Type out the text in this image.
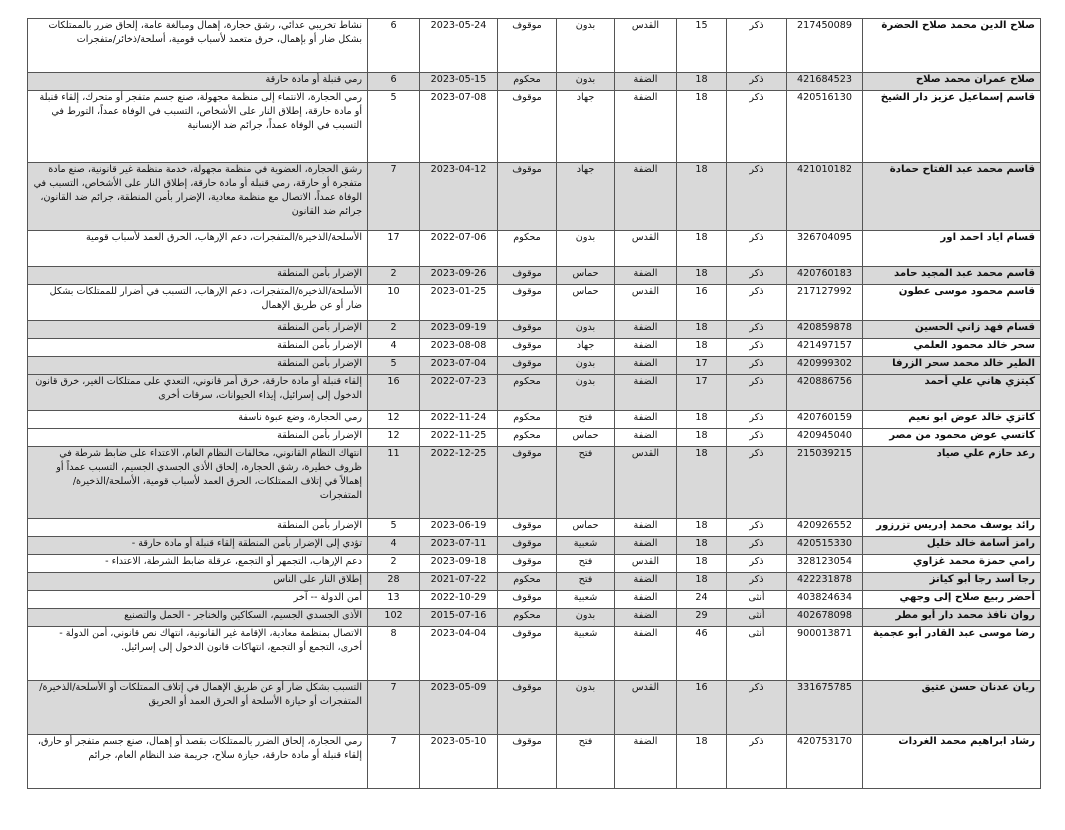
صلاح الدين محمد صلاح الحضرة	217450089	ذكر	15	القدس	بدون	موقوف	2023-05-24	6	نشاط تخريبي عدائي، رشق حجارة، إهمال ومبالغة عامة، إلحاق ضرر بالممتلكات بشكل ضار أو بإهمال، حرق متعمد لأسباب قومية، أسلحة/ذخائر/متفجرات
صلاح عمران محمد صلاح	421684523	ذكر	18	الضفة	بدون	محكوم	2023-05-15	6	رمي قنبلة أو مادة حارقة
قاسم إسماعيل عزيز دار الشيخ	420516130	ذكر	18	الضفة	جهاد	موقوف	2023-07-08	5	رمي الحجارة، الانتماء إلى منظمة مجهولة، صنع جسم متفجر أو متحرك، إلقاء قنبلة أو مادة حارقة، إطلاق النار على الأشخاص، التسبب في الوفاة عمداً، التورط في التسبب في الوفاة عمداً، جرائم ضد الإنسانية
قاسم محمد عبد الفتاح حمادة	421010182	ذكر	18	الضفة	جهاد	موقوف	2023-04-12	7	رشق الحجارة، العضوية في منظمة مجهولة، خدمة منظمة غير قانونية، صنع مادة متفجرة أو حارقة، رمي قنبلة أو مادة حارقة، إطلاق النار على الأشخاص، التسبب في الوفاة عمداً، الاتصال مع منظمة معادية، الإضرار بأمن المنطقة، جرائم ضد القانون، جرائم ضد القانون
قسام اياد احمد اور	326704095	ذكر	18	القدس	بدون	محكوم	2022-07-06	17	الأسلحة/الذخيرة/المتفجرات، دعم الإرهاب، الحرق العمد لأسباب قومية
قاسم محمد عبد المجيد حامد	420760183	ذكر	18	الضفة	حماس	موقوف	2023-09-26	2	الإضرار بأمن المنطقة
قاسم محمود موسى عطون	217127992	ذكر	16	القدس	حماس	موقوف	2023-01-25	10	الأسلحة/الذخيرة/المتفجرات، دعم الإرهاب، التسبب في أضرار للممتلكات بشكل ضار أو عن طريق الإهمال
قسام فهد زاني الحسين	420859878	ذكر	18	الضفة	بدون	موقوف	2023-09-19	2	الإضرار بأمن المنطقة
سحر خالد محمود العلمي	421497157	ذكر	18	الضفة	جهاد	موقوف	2023-08-08	4	الإضرار بأمن المنطقة
الطير خالد محمد سحر الزرفا	420999302	ذكر	17	الضفة	بدون	موقوف	2023-07-04	5	الإضرار بأمن المنطقة
كيتزي هاني علي أحمد	420886756	ذكر	17	الضفة	بدون	محكوم	2022-07-23	16	إلقاء قنبلة أو مادة حارقة، خرق أمر قانوني، التعدي على ممتلكات الغير، خرق قانون الدخول إلى إسرائيل، إيذاء الحيوانات، سرقات أخرى
كاتزي خالد عوض ابو نعيم	420760159	ذكر	18	الضفة	فتح	محكوم	2022-11-24	12	رمي الحجارة، وضع عبوة ناسفة
كاتسي عوض محمود من مصر	420945040	ذكر	18	الضفة	حماس	محكوم	2022-11-25	12	الإضرار بأمن المنطقة
رعد حازم علي صياد	215039215	ذكر	18	القدس	فتح	موقوف	2022-12-25	11	انتهاك النظام القانوني، مخالفات النظام العام، الاعتداء على ضابط شرطة في ظروف خطيرة، رشق الحجارة، إلحاق الأذى الجسدي الجسيم، التسبب عمداً أو إهمالاً في إتلاف الممتلكات، الحرق العمد لأسباب قومية، الأسلحة/الذخيرة/المتفجرات
رائد يوسف محمد إدريس تزرزور	420926552	ذكر	18	الضفة	حماس	موقوف	2023-06-19	5	الإضرار بأمن المنطقة
رامز أسامة خالد خليل	420515330	ذكر	18	الضفة	شعبية	موقوف	2023-07-11	4	تؤدي إلى الإضرار بأمن المنطقة إلقاء قنبلة أو مادة حارقة -
رامي حمزة محمد غزاوي	328123054	ذكر	18	القدس	فتح	موقوف	2023-09-18	2	دعم الإرهاب، التجمهر أو التجمع، عرقلة ضابط الشرطة، الاعتداء -
رجا أسد رجا أبو كيانز	422231878	ذكر	18	الضفة	فتح	محكوم	2021-07-22	28	إطلاق النار على الناس
أحضر ربيع صلاح إلى وجهي	403824634	أنثى	24	الضفة	شعبية	موقوف	2022-10-29	13	أمن الدولة -- آخر
روان نافذ محمد دار أبو مطر	402678098	أنثى	29	الضفة	بدون	محكوم	2015-07-16	102	الأذى الجسدي الجسيم، السكاكين والخناجر - الحمل والتصنيع
رضا موسى عبد القادر أبو عجمية	900013871	أنثى	46	الضفة	شعبية	موقوف	2023-04-04	8	الاتصال بمنظمة معادية، الإقامة غير القانونية، انتهاك نص قانوني، أمن الدولة - أخرى، التجمع أو التجمع، انتهاكات قانون الدخول إلى إسرائيل.
ريان عدنان حسن عتيق	331675785	ذكر	16	القدس	بدون	موقوف	2023-05-09	7	التسبب بشكل ضار أو عن طريق الإهمال في إتلاف الممتلكات أو الأسلحة/الذخيرة/المتفجرات أو حيازة الأسلحة أو الحرق العمد أو الحريق
رشاد ابراهيم محمد الغردات	420753170	ذكر	18	الضفة	فتح	موقوف	2023-05-10	7	رمي الحجارة، إلحاق الضرر بالممتلكات بقصد أو إهمال، صنع جسم متفجر أو حارق، إلقاء قنبلة أو مادة حارقة، حيازة سلاح، جريمة ضد النظام العام، جرائم
